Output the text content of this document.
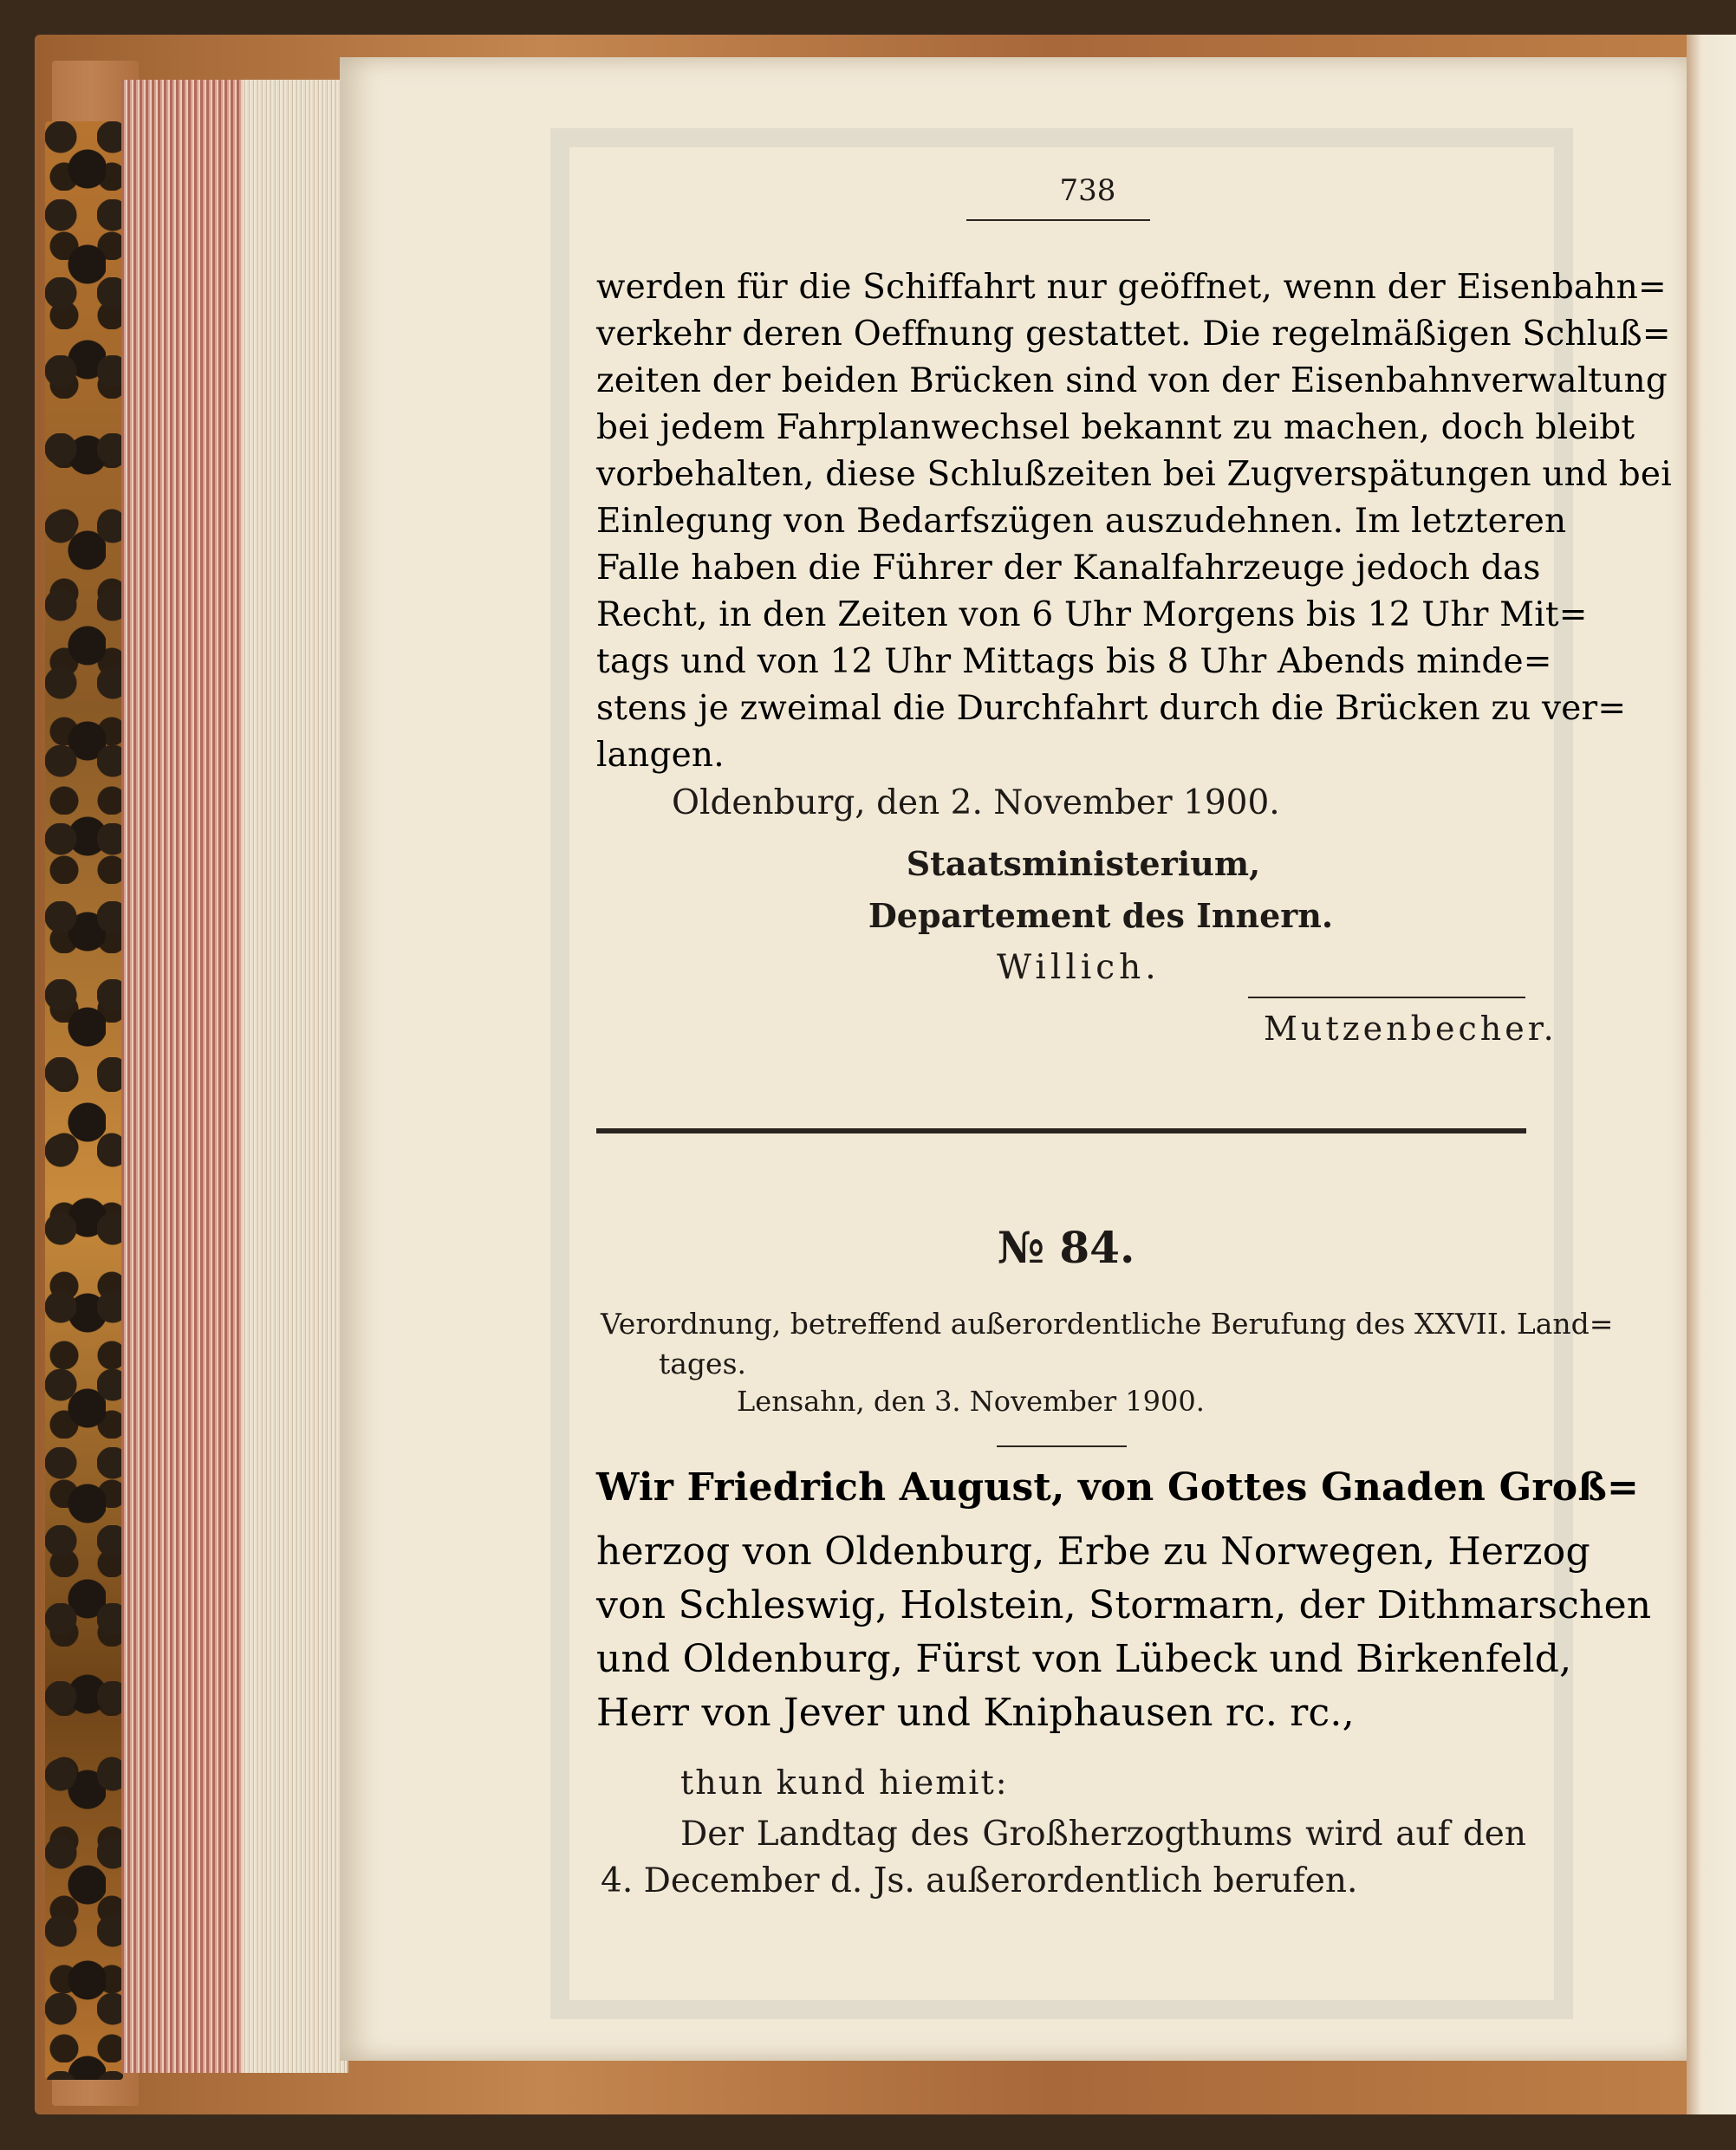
738
werden für die Schiffahrt nur geöffnet, wenn der Eisenbahn=
verkehr deren Oeffnung gestattet. Die regelmäßigen Schluß=
zeiten der beiden Brücken sind von der Eisenbahnverwaltung
bei jedem Fahrplanwechsel bekannt zu machen, doch bleibt
vorbehalten, diese Schlußzeiten bei Zugverspätungen und bei
Einlegung von Bedarfszügen auszudehnen. Im letzteren
Falle haben die Führer der Kanalfahrzeuge jedoch das
Recht, in den Zeiten von 6 Uhr Morgens bis 12 Uhr Mit=
tags und von 12 Uhr Mittags bis 8 Uhr Abends minde=
stens je zweimal die Durchfahrt durch die Brücken zu ver=
langen.
Oldenburg, den 2. November 1900.
Staatsministerium,
Departement des Innern.
Willich.
Mutzenbecher.
№ 84.
Verordnung, betreffend außerordentliche Berufung des XXVII. Land=
tages.
Lensahn, den 3. November 1900.
Wir Friedrich August, von Gottes Gnaden Groß=
herzog von Oldenburg, Erbe zu Norwegen, Herzog
von Schleswig, Holstein, Stormarn, der Dithmarschen
und Oldenburg, Fürst von Lübeck und Birkenfeld,
Herr von Jever und Kniphausen rc. rc.,
thun kund hiemit:
Der Landtag des Großherzogthums wird auf den
4. December d. Js. außerordentlich berufen.
